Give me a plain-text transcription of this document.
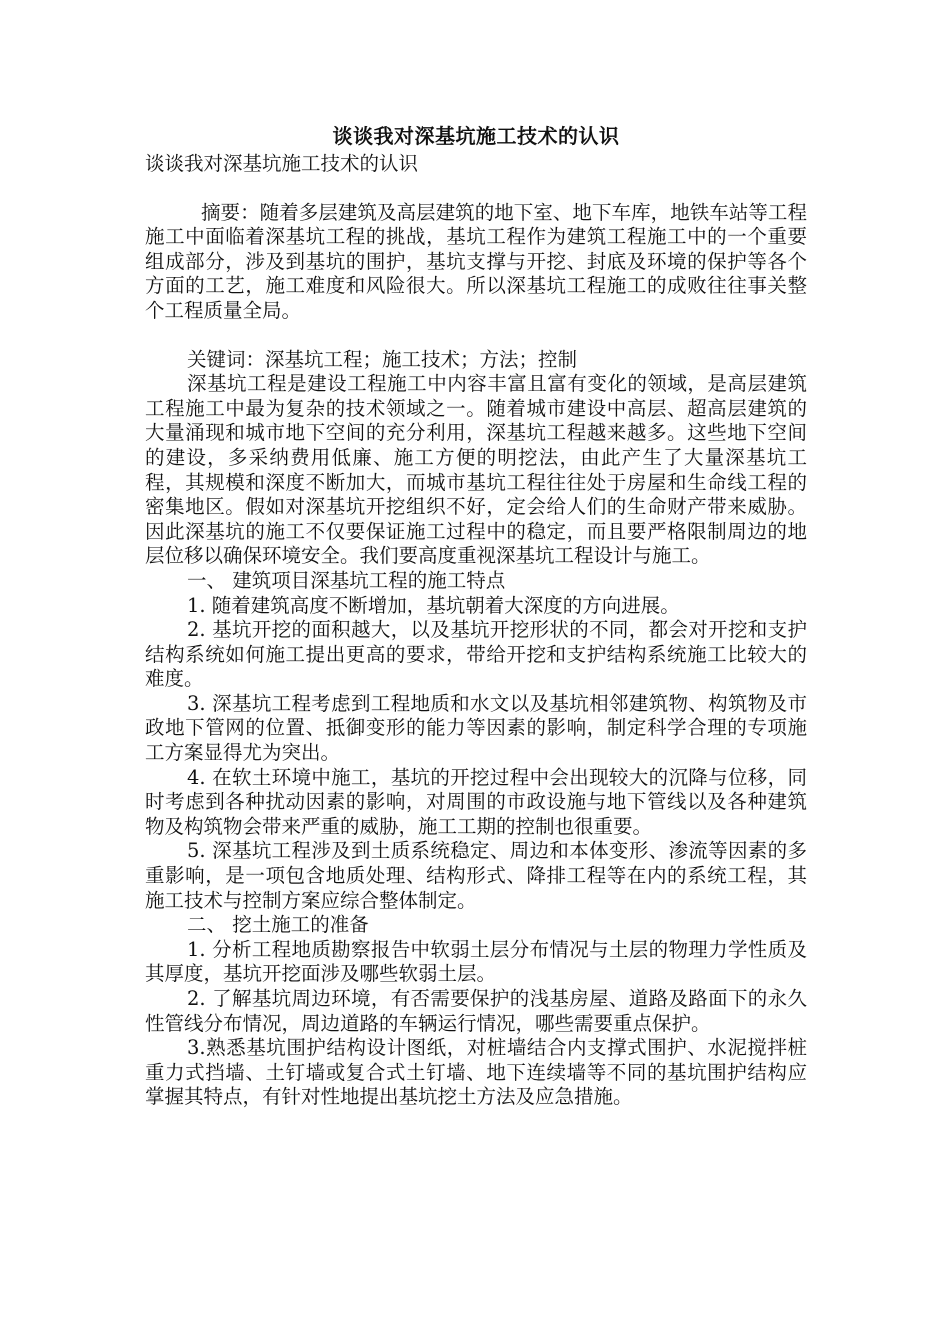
谈谈我对深基坑施工技术的认识

谈谈我对深基坑施工技术的认识

摘要：随着多层建筑及高层建筑的地下室、地下车库，地铁车站等工程施工中面临着深基坑工程的挑战，基坑工程作为建筑工程施工中的一个重要组成部分，涉及到基坑的围护，基坑支撑与开挖、封底及环境的保护等各个方面的工艺，施工难度和风险很大。所以深基坑工程施工的成败往往事关整个工程质量全局。

关键词：深基坑工程；施工技术；方法；控制

深基坑工程是建设工程施工中内容丰富且富有变化的领域，是高层建筑工程施工中最为复杂的技术领域之一。随着城市建设中高层、超高层建筑的大量涌现和城市地下空间的充分利用，深基坑工程越来越多。这些地下空间的建设，多采纳费用低廉、施工方便的明挖法，由此产生了大量深基坑工程，其规模和深度不断加大，而城市基坑工程往往处于房屋和生命线工程的密集地区。假如对深基坑开挖组织不好，定会给人们的生命财产带来威胁。因此深基坑的施工不仅要保证施工过程中的稳定，而且要严格限制周边的地层位移以确保环境安全。我们要高度重视深基坑工程设计与施工。

一、 建筑项目深基坑工程的施工特点

1. 随着建筑高度不断增加，基坑朝着大深度的方向进展。

2. 基坑开挖的面积越大，以及基坑开挖形状的不同，都会对开挖和支护结构系统如何施工提出更高的要求，带给开挖和支护结构系统施工比较大的难度。

3. 深基坑工程考虑到工程地质和水文以及基坑相邻建筑物、构筑物及市政地下管网的位置、抵御变形的能力等因素的影响，制定科学合理的专项施工方案显得尤为突出。

4. 在软土环境中施工，基坑的开挖过程中会出现较大的沉降与位移，同时考虑到各种扰动因素的影响，对周围的市政设施与地下管线以及各种建筑物及构筑物会带来严重的威胁，施工工期的控制也很重要。

5. 深基坑工程涉及到土质系统稳定、周边和本体变形、渗流等因素的多重影响，是一项包含地质处理、结构形式、降排工程等在内的系统工程，其施工技术与控制方案应综合整体制定。

二、 挖土施工的准备

1. 分析工程地质勘察报告中软弱土层分布情况与土层的物理力学性质及其厚度，基坑开挖面涉及哪些软弱土层。

2. 了解基坑周边环境，有否需要保护的浅基房屋、道路及路面下的永久性管线分布情况，周边道路的车辆运行情况，哪些需要重点保护。

3.熟悉基坑围护结构设计图纸，对桩墙结合内支撑式围护、水泥搅拌桩重力式挡墙、土钉墙或复合式土钉墙、地下连续墙等不同的基坑围护结构应掌握其特点，有针对性地提出基坑挖土方法及应急措施。
